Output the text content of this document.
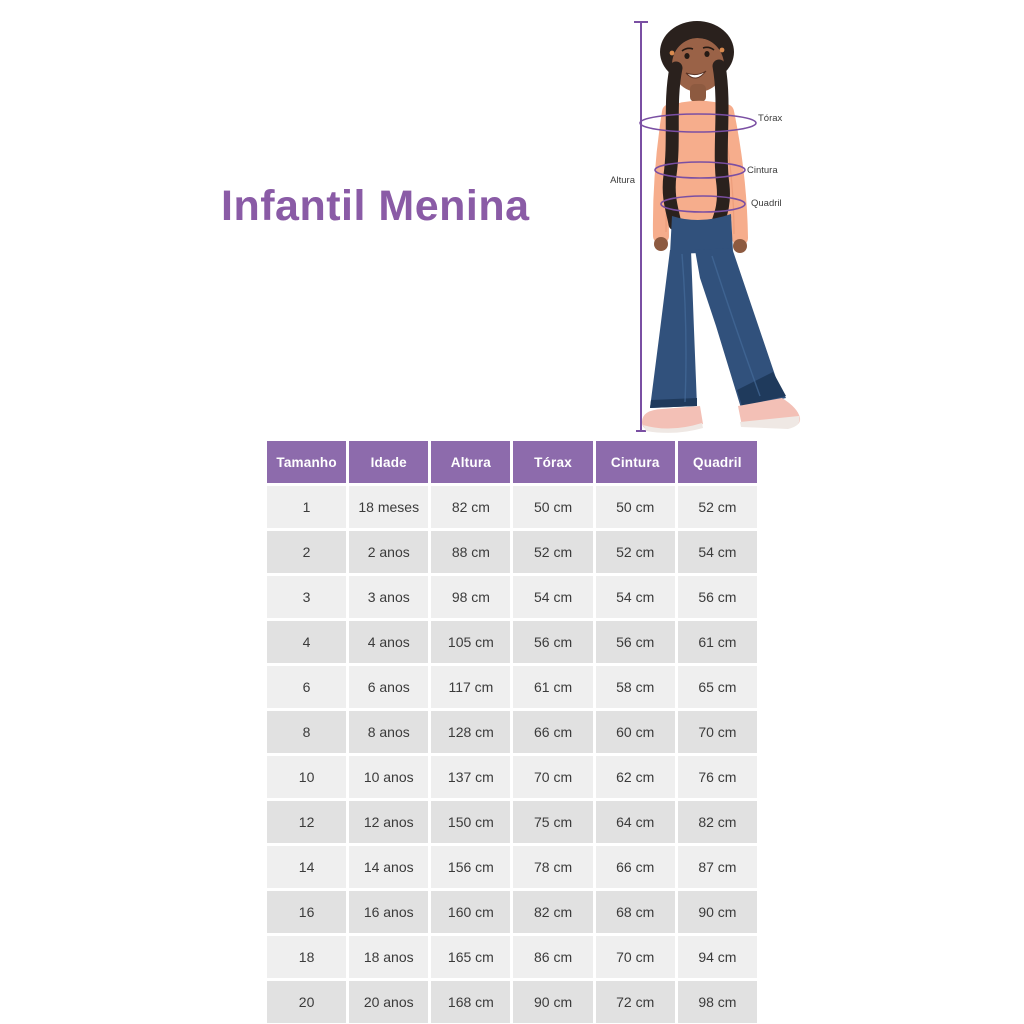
Infantil Menina
Altura
Tórax
Cintura
Quadril
Tamanho	Idade	Altura	Tórax	Cintura	Quadril
1	18 meses	82 cm	50 cm	50 cm	52 cm
2	2 anos	88 cm	52 cm	52 cm	54 cm
3	3 anos	98 cm	54 cm	54 cm	56 cm
4	4 anos	105 cm	56 cm	56 cm	61 cm
6	6 anos	117 cm	61 cm	58 cm	65 cm
8	8 anos	128 cm	66 cm	60 cm	70 cm
10	10 anos	137 cm	70 cm	62 cm	76 cm
12	12 anos	150 cm	75 cm	64 cm	82 cm
14	14 anos	156 cm	78 cm	66 cm	87 cm
16	16 anos	160 cm	82 cm	68 cm	90 cm
18	18 anos	165 cm	86 cm	70 cm	94 cm
20	20 anos	168 cm	90 cm	72 cm	98 cm
